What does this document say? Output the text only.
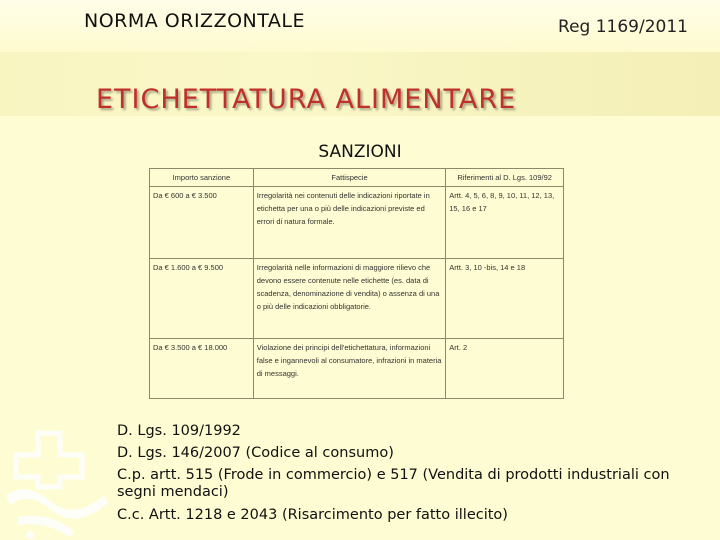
NORMA ORIZZONTALE	Reg 1169/2011
ETICHETTATURA ALIMENTARE
SANZIONI
Importo sanzione	Fattispecie	Riferimenti al D. Lgs. 109/92
Da € 600 a € 3.500	Irregolarità nei contenuti delle indicazioni riportate in etichetta per una o più delle indicazioni previste ed errori di natura formale.	Artt. 4, 5, 6, 8, 9, 10, 11, 12, 13, 15, 16 e 17
Da € 1.600 a € 9.500	Irregolarità nelle informazioni di maggiore rilievo che devono essere contenute nelle etichette (es. data di scadenza, denominazione di vendita) o assenza di una o più delle indicazioni obbligatorie.	Artt. 3, 10 -bis, 14 e 18
Da € 3.500 a € 18.000	Violazione dei principi dell'etichettatura, informazioni false e ingannevoli al consumatore, infrazioni in materia di messaggi.	Art. 2

D. Lgs. 109/1992

D. Lgs. 146/2007 (Codice al consumo)

C.p. artt. 515 (Frode in commercio) e 517 (Vendita di prodotti industriali con segni mendaci)

C.c. Artt. 1218 e 2043 (Risarcimento per fatto illecito)
